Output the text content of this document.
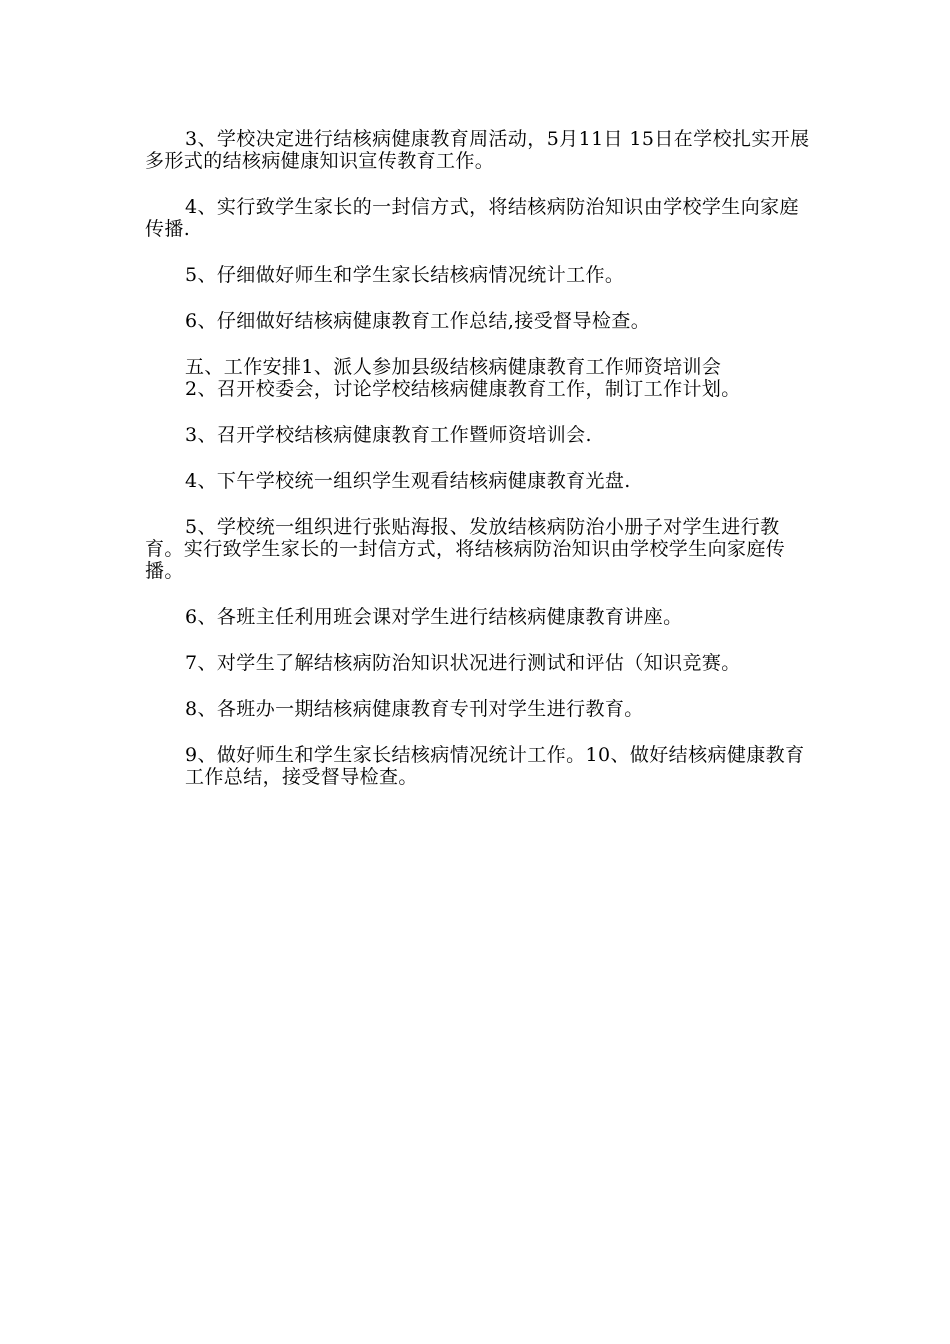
3、学校决定进行结核病健康教育周活动，5月11日 15日在学校扎实开展多形式的结核病健康知识宣传教育工作。

4、实行致学生家长的一封信方式，将结核病防治知识由学校学生向家庭传播.

5、仔细做好师生和学生家长结核病情况统计工作。

6、仔细做好结核病健康教育工作总结,接受督导检查。

五、工作安排1、派人参加县级结核病健康教育工作师资培训会

2、召开校委会，讨论学校结核病健康教育工作，制订工作计划。

3、召开学校结核病健康教育工作暨师资培训会.

4、下午学校统一组织学生观看结核病健康教育光盘.

5、学校统一组织进行张贴海报、发放结核病防治小册子对学生进行教育。实行致学生家长的一封信方式，将结核病防治知识由学校学生向家庭传播。

6、各班主任利用班会课对学生进行结核病健康教育讲座。

7、对学生了解结核病防治知识状况进行测试和评估（知识竞赛。

8、各班办一期结核病健康教育专刊对学生进行教育。

9、做好师生和学生家长结核病情况统计工作。10、做好结核病健康教育工作总结，接受督导检查。
